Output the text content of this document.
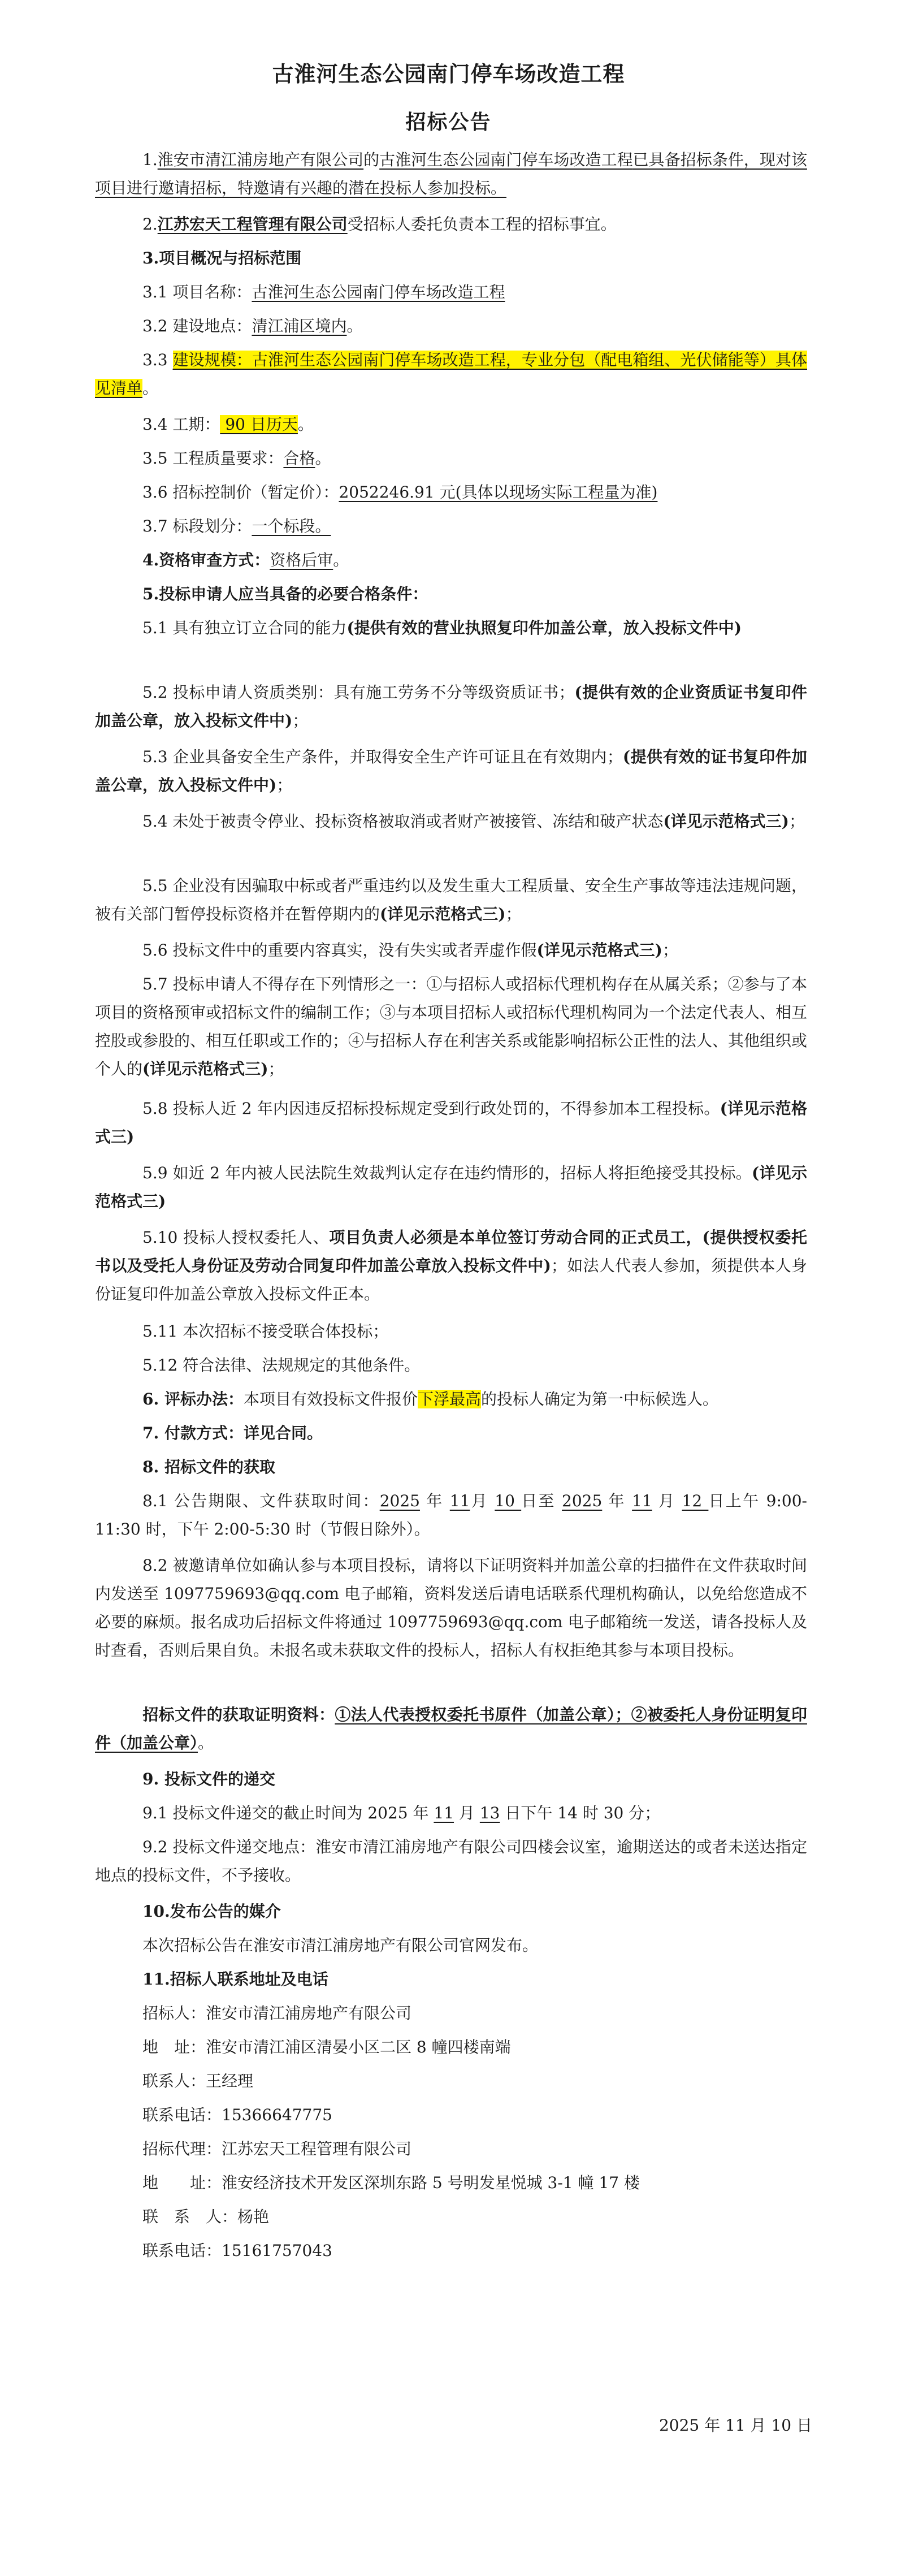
古淮河生态公园南门停车场改造工程
招标公告
1.淮安市清江浦房地产有限公司的古淮河生态公园南门停车场改造工程已具备招标条件，现对该项目进行邀请招标，特邀请有兴趣的潜在投标人参加投标。
2.江苏宏天工程管理有限公司受招标人委托负责本工程的招标事宜。
3.项目概况与招标范围
3.1 项目名称：古淮河生态公园南门停车场改造工程
3.2 建设地点：清江浦区境内。
3.3 建设规模：古淮河生态公园南门停车场改造工程，专业分包（配电箱组、光伏储能等）具体见清单。
3.4 工期： 90 日历天。
3.5 工程质量要求：合格。
3.6 招标控制价（暂定价）：2052246.91 元(具体以现场实际工程量为准)
3.7 标段划分：一个标段。
4.资格审查方式：资格后审。
5.投标申请人应当具备的必要合格条件：
5.1 具有独立订立合同的能力(提供有效的营业执照复印件加盖公章，放入投标文件中)
5.2 投标申请人资质类别：具有施工劳务不分等级资质证书；(提供有效的企业资质证书复印件加盖公章，放入投标文件中)；
5.3 企业具备安全生产条件，并取得安全生产许可证且在有效期内；(提供有效的证书复印件加盖公章，放入投标文件中)；
5.4 未处于被责令停业、投标资格被取消或者财产被接管、冻结和破产状态(详见示范格式三)；
5.5 企业没有因骗取中标或者严重违约以及发生重大工程质量、安全生产事故等违法违规问题，被有关部门暂停投标资格并在暂停期内的(详见示范格式三)；
5.6 投标文件中的重要内容真实，没有失实或者弄虚作假(详见示范格式三)；
5.7 投标申请人不得存在下列情形之一：①与招标人或招标代理机构存在从属关系；②参与了本项目的资格预审或招标文件的编制工作；③与本项目招标人或招标代理机构同为一个法定代表人、相互控股或参股的、相互任职或工作的；④与招标人存在利害关系或能影响招标公正性的法人、其他组织或个人的(详见示范格式三)；
5.8 投标人近 2 年内因违反招标投标规定受到行政处罚的，不得参加本工程投标。(详见示范格式三)
5.9 如近 2 年内被人民法院生效裁判认定存在违约情形的，招标人将拒绝接受其投标。(详见示范格式三)
5.10 投标人授权委托人、项目负责人必须是本单位签订劳动合同的正式员工，(提供授权委托书以及受托人身份证及劳动合同复印件加盖公章放入投标文件中)；如法人代表人参加，须提供本人身份证复印件加盖公章放入投标文件正本。
5.11 本次招标不接受联合体投标；
5.12 符合法律、法规规定的其他条件。
6. 评标办法：本项目有效投标文件报价下浮最高的投标人确定为第一中标候选人。
7. 付款方式：详见合同。
8. 招标文件的获取
8.1 公告期限、文件获取时间：2025 年 11月 10 日至 2025 年 11 月 12 日上午 9:00-11:30 时，下午 2:00-5:30 时（节假日除外）。
8.2 被邀请单位如确认参与本项目投标，请将以下证明资料并加盖公章的扫描件在文件获取时间内发送至 1097759693@qq.com 电子邮箱，资料发送后请电话联系代理机构确认，以免给您造成不必要的麻烦。报名成功后招标文件将通过 1097759693@qq.com 电子邮箱统一发送，请各投标人及时查看，否则后果自负。未报名或未获取文件的投标人，招标人有权拒绝其参与本项目投标。
招标文件的获取证明资料：①法人代表授权委托书原件（加盖公章）；②被委托人身份证明复印件（加盖公章）。
9. 投标文件的递交
9.1 投标文件递交的截止时间为 2025 年 11 月 13 日下午 14 时 30 分；
9.2 投标文件递交地点：淮安市清江浦房地产有限公司四楼会议室，逾期送达的或者未送达指定地点的投标文件，不予接收。
10.发布公告的媒介
本次招标公告在淮安市清江浦房地产有限公司官网发布。
11.招标人联系地址及电话
招标人：淮安市清江浦房地产有限公司
地　址：淮安市清江浦区清晏小区二区 8 幢四楼南端
联系人：王经理
联系电话：15366647775
招标代理：江苏宏天工程管理有限公司
地　　址：淮安经济技术开发区深圳东路 5 号明发星悦城 3-1 幢 17 楼
联　系　人：杨艳
联系电话：15161757043
2025 年 11 月 10 日
